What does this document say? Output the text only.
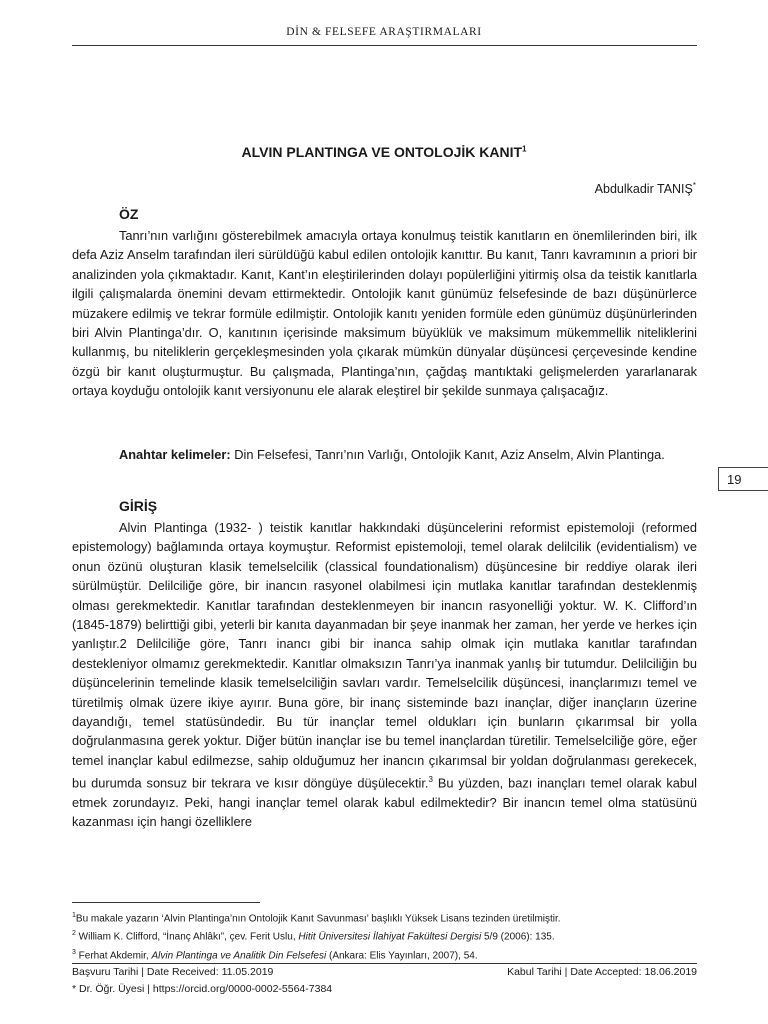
DİN & FELSEFE ARAŞTIRMALARI
ALVIN PLANTINGA VE ONTOLOJİK KANIT$^1$
Abdulkadir TANIŞ*
ÖZ

Tanrı’nın varlığını gösterebilmek amacıyla ortaya konulmuş teistik kanıtların en önemlilerinden biri, ilk defa Aziz Anselm tarafından ileri sürüldüğü kabul edilen ontolojik kanıttır. Bu kanıt, Tanrı kavramının a priori bir analizinden yola çıkmaktadır. Kanıt, Kant’ın eleştirilerinden dolayı popülerliğini yitirmiş olsa da teistik kanıtlarla ilgili çalışmalarda önemini devam ettirmektedir. Ontolojik kanıt günümüz felsefesinde de bazı düşünürlerce müzakere edilmiş ve tekrar formüle edilmiştir. Ontolojik kanıtı yeniden formüle eden günümüz düşünürlerinden biri Alvin Plantinga’dır. O, kanıtının içerisinde maksimum büyüklük ve maksimum mükemmellik niteliklerini kullanmış, bu niteliklerin gerçekleşmesinden yola çıkarak mümkün dünyalar düşüncesi çerçevesinde kendine özgü bir kanıt oluşturmuştur. Bu çalışmada, Plantinga’nın, çağdaş mantıktaki gelişmelerden yararlanarak ortaya koyduğu ontolojik kanıt versiyonunu ele alarak eleştirel bir şekilde sunmaya çalışacağız.

Anahtar kelimeler: Din Felsefesi, Tanrı’nın Varlığı, Ontolojik Kanıt, Aziz Anselm, Alvin Plantinga.

19
GİRİŞ

Alvin Plantinga (1932- ) teistik kanıtlar hakkındaki düşüncelerini reformist epistemoloji (reformed epistemology) bağlamında ortaya koymuştur. Reformist epistemoloji, temel olarak delilcilik (evidentialism) ve onun özünü oluşturan klasik temelselcilik (classical foundationalism) düşüncesine bir reddiye olarak ileri sürülmüştür. Delilciliğe göre, bir inancın rasyonel olabilmesi için mutlaka kanıtlar tarafından desteklenmiş olması gerekmektedir. Kanıtlar tarafından desteklenmeyen bir inancın rasyonelliği yoktur. W. K. Clifford’ın (1845-1879) belirttiği gibi, yeterli bir kanıta dayanmadan bir şeye inanmak her zaman, her yerde ve herkes için yanlıştır.2 Delilciliğe göre, Tanrı inancı gibi bir inanca sahip olmak için mutlaka kanıtlar tarafından destekleniyor olmamız gerekmektedir. Kanıtlar olmaksızın Tanrı’ya inanmak yanlış bir tutumdur. Delilciliğin bu düşüncelerinin temelinde klasik temelselciliğin savları vardır. Temelselcilik düşüncesi, inançlarımızı temel ve türetilmiş olmak üzere ikiye ayırır. Buna göre, bir inanç sisteminde bazı inançlar, diğer inançların üzerine dayandığı, temel statüsündedir. Bu tür inançlar temel oldukları için bunların çıkarımsal bir yolla doğrulanmasına gerek yoktur. Diğer bütün inançlar ise bu temel inançlardan türetilir. Temelselciliğe göre, eğer temel inançlar kabul edilmezse, sahip olduğumuz her inancın çıkarımsal bir yoldan doğrulanması gerekecek, bu durumda sonsuz bir tekrara ve kısır döngüye düşülecektir.$^3$ Bu yüzden, bazı inançları temel olarak kabul etmek zorundayız. Peki, hangi inançlar temel olarak kabul edilmektedir? Bir inancın temel olma statüsünü kazanması için hangi özelliklere

$^1$Bu makale yazarın ‘Alvin Plantinga’nın Ontolojik Kanıt Savunması’ başlıklı Yüksek Lisans tezinden üretilmiştir.
$^2$ William K. Clifford, “İnanç Ahlâkı”, çev. Ferit Uslu, Hitit Üniversitesi İlahiyat Fakültesi Dergisi 5/9 (2006): 135.
$^3$ Ferhat Akdemir, Alvin Plantinga ve Analitik Din Felsefesi (Ankara: Elis Yayınları, 2007), 54.
Başvuru Tarihi | Date Received: 11.05.2019	Kabul Tarihi | Date Accepted: 18.06.2019
* Dr. Öğr. Üyesi | https://orcid.org/0000-0002-5564-7384
